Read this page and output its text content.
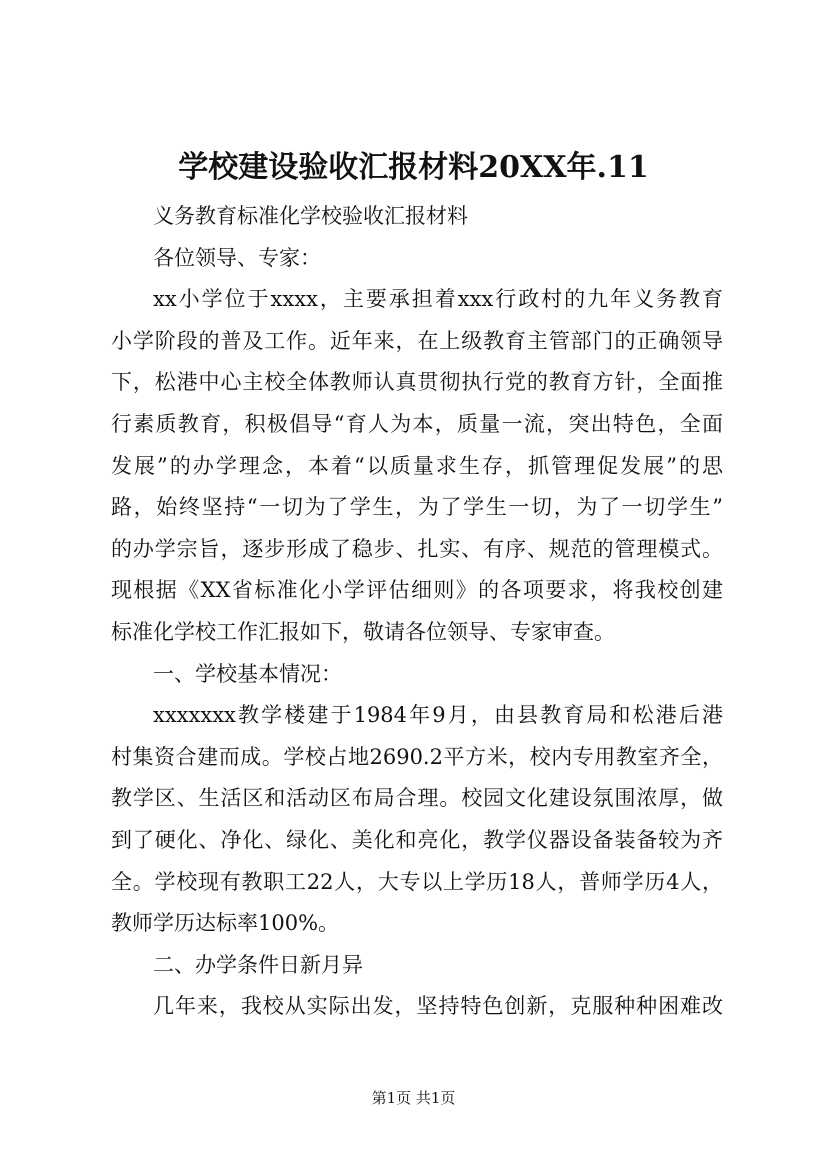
学校建设验收汇报材料20XX年.11
义务教育标准化学校验收汇报材料
各位领导、专家：
xx小学位于xxxx，主要承担着xxx行政村的九年义务教育
小学阶段的普及工作。近年来，在上级教育主管部门的正确领导
下，松港中心主校全体教师认真贯彻执行党的教育方针，全面推
行素质教育，积极倡导“育人为本，质量一流，突出特色，全面
发展”的办学理念，本着“以质量求生存，抓管理促发展”的思
路，始终坚持“一切为了学生，为了学生一切，为了一切学生”
的办学宗旨，逐步形成了稳步、扎实、有序、规范的管理模式。
现根据《XX省标准化小学评估细则》的各项要求，将我校创建
标准化学校工作汇报如下，敬请各位领导、专家审查。
一、学校基本情况：
xxxxxxx教学楼建于1984年9月，由县教育局和松港后港
村集资合建而成。学校占地2690.2平方米，校内专用教室齐全，
教学区、生活区和活动区布局合理。校园文化建设氛围浓厚，做
到了硬化、净化、绿化、美化和亮化，教学仪器设备装备较为齐
全。学校现有教职工22人，大专以上学历18人，普师学历4人，
教师学历达标率100%。
二、办学条件日新月异
几年来，我校从实际出发，坚持特色创新，克服种种困难改
第1页 共1页
